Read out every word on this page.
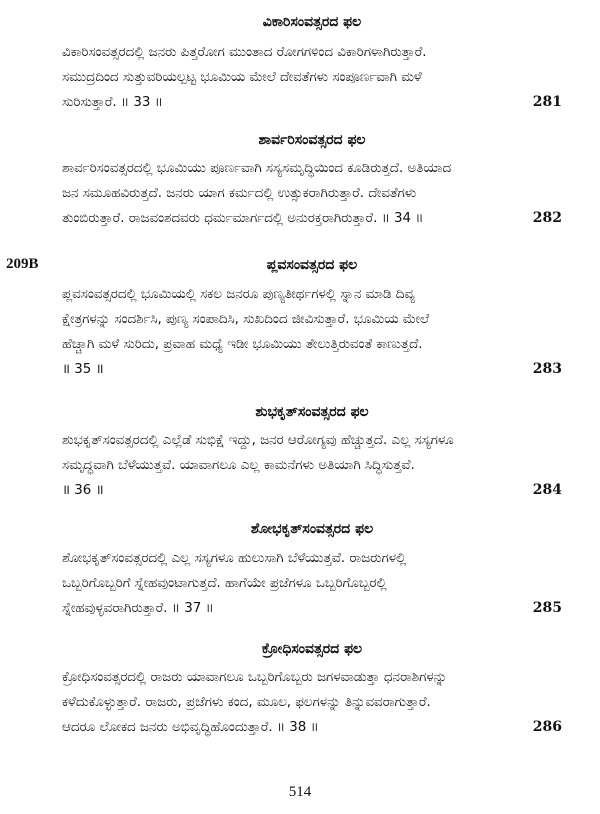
209B
ವಿಕಾರಿಸಂವತ್ಸರದ ಫಲ
ವಿಕಾರಿಸಂವತ್ಸರದಲ್ಲಿ ಜನರು ಪಿತ್ತರೋಗ ಮುಂತಾದ ರೋಗಗಳಿಂದ ವಿಕಾರಿಗಳಾಗಿರುತ್ತಾರೆ.
ಸಮುದ್ರದಿಂದ ಸುತ್ತುವರಿಯಲ್ಪಟ್ಟ ಭೂಮಿಯ ಮೇಲೆ ದೇವತೆಗಳು ಸಂಪೂರ್ಣವಾಗಿ ಮಳೆ
ಸುರಿಸುತ್ತಾರೆ. ॥ 33 ॥	281
ಶಾರ್ವರಿಸಂವತ್ಸರದ ಫಲ
ಶಾರ್ವರಿಸಂವತ್ಸರದಲ್ಲಿ ಭೂಮಿಯು ಪೂರ್ಣವಾಗಿ ಸಸ್ಯಸಮೃದ್ಧಿಯಿಂದ ಕೂಡಿರುತ್ತದೆ. ಅತಿಯಾದ
ಜನ ಸಮೂಹವಿರುತ್ತದೆ. ಜನರು ಯಾಗ ಕರ್ಮದಲ್ಲಿ ಉತ್ಸುಕರಾಗಿರುತ್ತಾರೆ. ದೇವತೆಗಳು
ತುಂಬಿರುತ್ತಾರೆ. ರಾಜವಂಶದವರು ಧರ್ಮಮಾರ್ಗದಲ್ಲಿ ಅನುರಕ್ತರಾಗಿರುತ್ತಾರೆ. ॥ 34 ॥	282
ಪ್ಲವಸಂವತ್ಸರದ ಫಲ
ಪ್ಲವಸಂವತ್ಸರದಲ್ಲಿ ಭೂಮಿಯಲ್ಲಿ ಸಕಲ ಜನರೂ ಪುಣ್ಯತೀರ್ಥಗಳಲ್ಲಿ ಸ್ನಾನ ಮಾಡಿ ದಿವ್ಯ
ಕ್ಷೇತ್ರಗಳನ್ನು ಸಂದರ್ಶಿಸಿ, ಪುಣ್ಯ ಸಂಪಾದಿಸಿ, ಸುಖದಿಂದ ಜೀವಿಸುತ್ತಾರೆ. ಭೂಮಿಯ ಮೇಲೆ
ಹೆಚ್ಚಾಗಿ ಮಳೆ ಸುರಿದು, ಪ್ರವಾಹ ಮಧ್ಯೆ ಇಡೀ ಭೂಮಿಯು ತೇಲುತ್ತಿರುವಂತೆ ಕಾಣುತ್ತದೆ.
॥ 35 ॥	283
ಶುಭಕೃತ್‌ಸಂವತ್ಸರದ ಫಲ
ಶುಭಕೃತ್‌ಸಂವತ್ಸರದಲ್ಲಿ ಎಲ್ಲೆಡೆ ಸುಭಿಕ್ಷೆ ಇದ್ದು, ಜನರ ಆರೋಗ್ಯವು ಹೆಚ್ಚುತ್ತದೆ. ಎಲ್ಲ ಸಸ್ಯಗಳೂ
ಸಮೃದ್ಧವಾಗಿ ಬೆಳೆಯುತ್ತವೆ. ಯಾವಾಗಲೂ ಎಲ್ಲ ಕಾಮನೆಗಳು ಅತಿಯಾಗಿ ಸಿದ್ಧಿಸುತ್ತವೆ.
॥ 36 ॥	284
ಶೋಭಕೃತ್‌ಸಂವತ್ಸರದ ಫಲ
ಶೋಭಕೃತ್‌ಸಂವತ್ಸರದಲ್ಲಿ ಎಲ್ಲ ಸಸ್ಯಗಳೂ ಹುಲುಸಾಗಿ ಬೆಳೆಯುತ್ತವೆ. ರಾಜರುಗಳಲ್ಲಿ
ಒಬ್ಬರಿಗೊಬ್ಬರಿಗೆ ಸ್ನೇಹವುಂಟಾಗುತ್ತದೆ. ಹಾಗೆಯೇ ಪ್ರಜೆಗಳೂ ಒಬ್ಬರಿಗೊಬ್ಬರಲ್ಲಿ
ಸ್ನೇಹವುಳ್ಳವರಾಗಿರುತ್ತಾರೆ. ॥ 37 ॥	285
ಕ್ರೋಧಿಸಂವತ್ಸರದ ಫಲ
ಕ್ರೋಧಿಸಂವತ್ಸರದಲ್ಲಿ ರಾಜರು ಯಾವಾಗಲೂ ಒಬ್ಬರಿಗೊಬ್ಬರು ಜಗಳವಾಡುತ್ತಾ ಧನರಾಶಿಗಳನ್ನು
ಕಳೆದುಕೊಳ್ಳುತ್ತಾರೆ. ರಾಜರು, ಪ್ರಜೆಗಳು ಕಂದ, ಮೂಲ, ಫಲಗಳನ್ನು ತಿನ್ನುವವರಾಗುತ್ತಾರೆ.
ಆದರೂ ಲೋಕದ ಜನರು ಅಭಿವೃದ್ಧಿಹೊಂದುತ್ತಾರೆ. ॥ 38 ॥	286
514
